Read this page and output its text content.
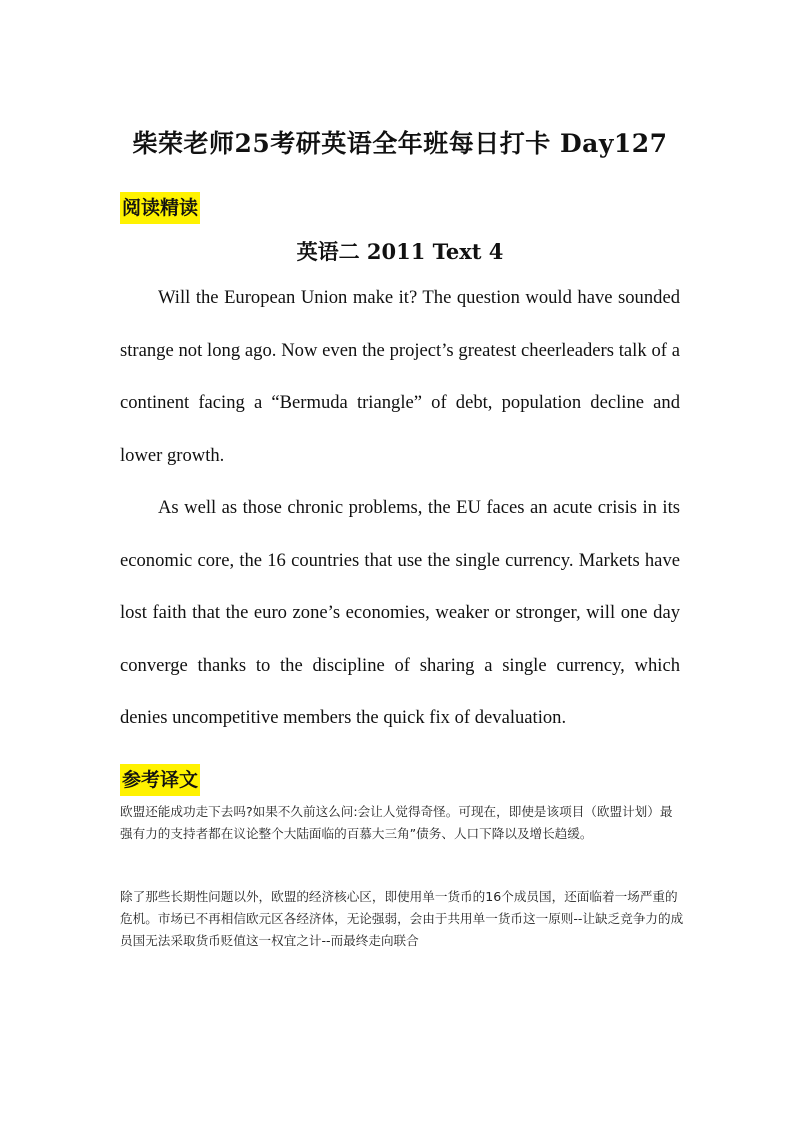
柴荣老师25考研英语全年班每日打卡 Day127
阅读精读
英语二 2011 Text 4

Will the European Union make it? The question would have sounded strange not long ago. Now even the project’s greatest cheerleaders talk of a continent facing a “Bermuda triangle” of debt, population decline and lower growth.

As well as those chronic problems, the EU faces an acute crisis in its economic core, the 16 countries that use the single currency. Markets have lost faith that the euro zone’s economies, weaker or stronger, will one day converge thanks to the discipline of sharing a single currency, which denies uncompetitive members the quick fix of devaluation.

参考译文

欧盟还能成功走下去吗?如果不久前这么问:会让人觉得奇怪。可现在，即使是该项目（欧盟计划）最强有力的支持者都在议论整个大陆面临的百慕大三角”债务、人口下降以及增长趋缓。

除了那些长期性问题以外，欧盟的经济核心区，即使用单一货币的16个成员国，还面临着一场严重的危机。市场已不再相信欧元区各经济体，无论强弱，会由于共用单一货币这一原则--让缺乏竞争力的成员国无法采取货币贬值这一权宜之计--而最终走向联合
